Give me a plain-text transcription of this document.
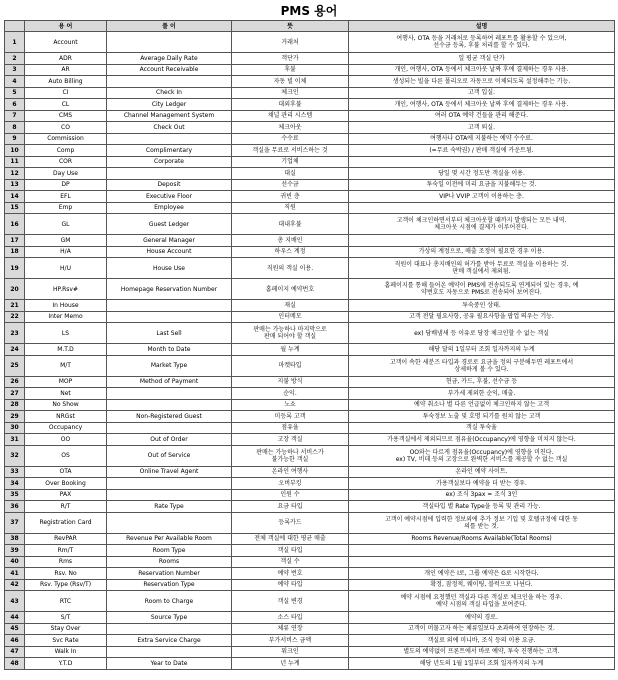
PMS 용어
	용 어	풀 이	뜻	설명
1	Account		거래처	여행사, OTA 등을 거래처로 등록하여 레포트를 활용할 수 있으며,
선수금 등록, 후불 처리를 할 수 있다.
2	ADR	Average Daily Rate	객단가	일 평균 객실 단가
3	AR	Account Receivable	후불	개인, 여행사, OTA 등에서 체크아웃 날짜 후에 결제하는 경우 사용.
4	Auto Billing		자동 빌 이체	생성되는 빌을 다른 폴리오로 자동으로 이체되도록 설정해주는 기능.
5	CI	Check In	체크인	고객 입실.
6	CL	City Ledger	대외후불	개인, 여행사, OTA 등에서 체크아웃 날짜 후에 결제하는 경우 사용.
7	CMS	Channel Management System	채널 관리 시스템	여러 OTA 예약 건들을 관리 해준다.
8	CO	Check Out	체크아웃	고객 퇴실.
9	Commission		수수료	여행사나 OTA에 지불하는 예약 수수료.
10	Comp	Complimentary	객실을 무료로 서비스하는 것	(=무료 숙박권) / 판매 객실에 카운트됨.
11	COR	Corporate	기업체	
12	Day Use		대실	당일 몇 시간 정도만 객실을 이용.
13	DP	Deposit	선수금	투숙일 이전에 미리 요금을 지불해두는 것.
14	EFL	Executive Floor	귀빈 층	VIP나 VVIP 고객이 이용하는 층.
15	Emp	Employee	직원	
16	GL	Guest Ledger	대내후불	고객이 체크인하면서부터 체크아웃할 때까지 발생되는 모든 내역.
체크아웃 시점에 결제가 이루어진다.
17	GM	General Manager	총 지배인	
18	H/A	House Account	하우스 계정	가상의 계정으로, 매출 조정이 필요한 경우 이용.
19	H/U	House Use	직원의 객실 이용.	직원이 대표나 총지배인의 허가를 받아 무료로 객실을 이용하는 것.
판매 객실에서 제외됨.
20	HP.Rsv#	Homepage Reservation Number	홈페이지 예약번호	홈페이지를 통해 들어온 예약이 PMS에 전송되도록 연계되어 있는 경우, 예
약번호도 자동으로 PMS로 전송되어 보여진다.
21	In House		재실	투숙중인 상태.
22	Inter Memo		인터메모	고객 전달 필요사항, 공유 필요사항을 팝업 띄우는 기능.
23	LS	Last Sell	판매는 가능하나 마지막으로
판매 되어야 할 객실	ex) 담배냄새 등 이유로 당장 체크인할 수 없는 객실
24	M.T.D	Month to Date	월 누계	해당 달의 1일부터 조회 일자까지의 누계
25	M/T	Market Type	마켓타입	고객이 속한 세분즈 타입과 경로로 요금을 정의 구분해두면 레포트에서
상세하게 볼 수 있다.
26	MOP	Method of Payment	지불 방식	현금, 카드, 후불, 선수금 등
27	Net		순익.	부가세 제외한 순익, 매출.
28	No Show		노쇼	예약 취소나 별 다른 언급없이 체크인하지 않는 고객
29	NRGst	Non-Registered Guest	미등록 고객	투숙정보 노출 및 호명 되기를 원치 않는 고객
30	Occupancy		점유율	객실 투숙율
31	OO	Out of Order	고장 객실	가용객실에서 제외되므로 점유율(Occupancy)에 영향을 미치지 않는다.
32	OS	Out of Service	판매는 가능하나 서비스가
불가능한 객실	OO와는 다르게 점유율(Occupancy)에 영향을 미친다.
ex) TV, 비데 등의 고장으로 완벽한 서비스를 제공할 수 없는 객실
33	OTA	Online Travel Agent	온라인 여행사	온라인 예약 사이트.
34	Over Booking		오버부킹	가용객실보다 예약을 더 받는 경우.
35	PAX		인원 수	ex) 조식 3pax = 조식 3인
36	R/T	Rate Type	요금 타입	객실타입 별 Rate Type을 등록 및 관리 가능.
37	Registration Card		등록카드	고객이 예약시점에 입력한 정보외에 추가 정보 기입 및 호텔규정에 대한 동
의를 받는 것.
38	RevPAR	Revenue Per Available Room	전체 객실에 대한 평균 매출	Rooms Revenue/Rooms Available(Total Rooms)
39	Rm/T	Room Type	객실 타입	
40	Rms	Rooms	객실 수	
41	Rsv. No	Reservation Number	예약 번호	개인 예약은 I로, 그룹 예약은 G로 시작한다.
42	Rsv. Type (Rsv/T)	Reservation Type	예약 타입	확정, 잠정적, 웨이팅, 블럭으로 나뉜다.
43	RTC	Room to Charge	객실 변경	예약 시점에 요청했던 객실과 다른 객실로 체크인을 하는 경우.
예약 시점의 객실 타입을 보여준다.
44	S/T	Source Type	소스 타입	예약의 경로.
45	Stay Over		체류 연장	고객이 머물고자 하는 체류일보다 초과하여 연장하는 것.
46	Svc Rate	Extra Service Charge	부가서비스 금액	객실료 외에 미니바, 조식 등의 이용 요금.
47	Walk In		워크인	별도의 예약없이 프론트에서 바로 예약, 투숙 진행하는 고객.
48	Y.T.D	Year to Date	년 누계	해당 년도의 1월 1일부터 조회 일자까지의 누계
